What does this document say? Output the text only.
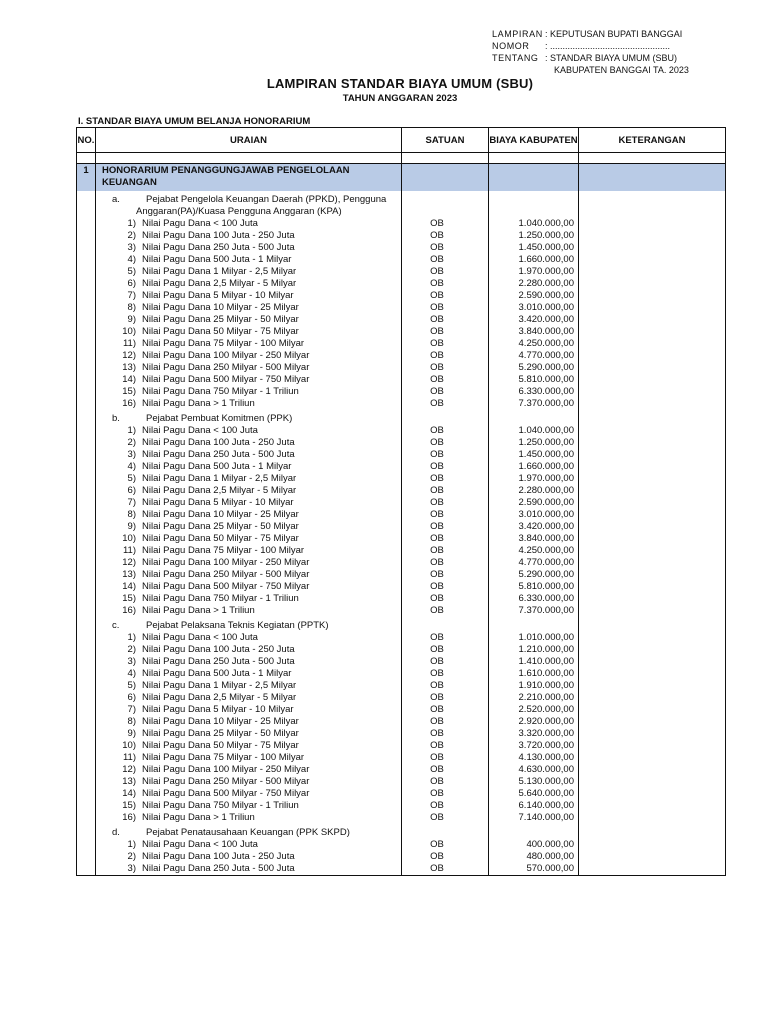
LAMPIRAN : KEPUTUSAN BUPATI BANGGAI
NOMOR	: ................................................
TENTANG : STANDAR BIAYA UMUM (SBU)
KABUPATEN BANGGAI TA. 2023
LAMPIRAN STANDAR BIAYA UMUM (SBU)
TAHUN ANGGARAN 2023
I. STANDAR BIAYA UMUM BELANJA HONORARIUM
NO.	URAIAN	SATUAN	BIAYA KABUPATEN	KETERANGAN

1	HONORARIUM PENANGGUNGJAWAB PENGELOLAAN KEUANGAN			
	a. Pejabat Pengelola Keuangan Daerah (PPKD), Pengguna Anggaran(PA)/Kuasa Pengguna Anggaran (KPA)			
	1) Nilai Pagu Dana < 100 Juta	OB	1.040.000,00	
	2) Nilai Pagu Dana 100 Juta - 250 Juta	OB	1.250.000,00	
	3) Nilai Pagu Dana 250 Juta - 500 Juta	OB	1.450.000,00	
	4) Nilai Pagu Dana 500 Juta - 1 Milyar	OB	1.660.000,00	
	5) Nilai Pagu Dana 1 Milyar - 2,5 Milyar	OB	1.970.000,00	
	6) Nilai Pagu Dana 2,5 Milyar - 5 Milyar	OB	2.280.000,00	
	7) Nilai Pagu Dana 5 Milyar - 10 Milyar	OB	2.590.000,00	
	8) Nilai Pagu Dana 10 Milyar - 25 Milyar	OB	3.010.000,00	
	9) Nilai Pagu Dana 25 Milyar - 50 Milyar	OB	3.420.000,00	
	10) Nilai Pagu Dana 50 Milyar - 75 Milyar	OB	3.840.000,00	
	11) Nilai Pagu Dana 75 Milyar - 100 Milyar	OB	4.250.000,00	
	12) Nilai Pagu Dana 100 Milyar - 250 Milyar	OB	4.770.000,00	
	13) Nilai Pagu Dana 250 Milyar - 500 Milyar	OB	5.290.000,00	
	14) Nilai Pagu Dana 500 Milyar - 750 Milyar	OB	5.810.000,00	
	15) Nilai Pagu Dana 750 Milyar - 1 Triliun	OB	6.330.000,00	
	16) Nilai Pagu Dana > 1 Triliun	OB	7.370.000,00	
	b. Pejabat Pembuat Komitmen (PPK)			
	1) Nilai Pagu Dana < 100 Juta	OB	1.040.000,00	
	2) Nilai Pagu Dana 100 Juta - 250 Juta	OB	1.250.000,00	
	3) Nilai Pagu Dana 250 Juta - 500 Juta	OB	1.450.000,00	
	4) Nilai Pagu Dana 500 Juta - 1 Milyar	OB	1.660.000,00	
	5) Nilai Pagu Dana 1 Milyar - 2,5 Milyar	OB	1.970.000,00	
	6) Nilai Pagu Dana 2,5 Milyar - 5 Milyar	OB	2.280.000,00	
	7) Nilai Pagu Dana 5 Milyar - 10 Milyar	OB	2.590.000,00	
	8) Nilai Pagu Dana 10 Milyar - 25 Milyar	OB	3.010.000,00	
	9) Nilai Pagu Dana 25 Milyar - 50 Milyar	OB	3.420.000,00	
	10) Nilai Pagu Dana 50 Milyar - 75 Milyar	OB	3.840.000,00	
	11) Nilai Pagu Dana 75 Milyar - 100 Milyar	OB	4.250.000,00	
	12) Nilai Pagu Dana 100 Milyar - 250 Milyar	OB	4.770.000,00	
	13) Nilai Pagu Dana 250 Milyar - 500 Milyar	OB	5.290.000,00	
	14) Nilai Pagu Dana 500 Milyar - 750 Milyar	OB	5.810.000,00	
	15) Nilai Pagu Dana 750 Milyar - 1 Triliun	OB	6.330.000,00	
	16) Nilai Pagu Dana > 1 Triliun	OB	7.370.000,00	
	c. Pejabat Pelaksana Teknis Kegiatan (PPTK)			
	1) Nilai Pagu Dana < 100 Juta	OB	1.010.000,00	
	2) Nilai Pagu Dana 100 Juta - 250 Juta	OB	1.210.000,00	
	3) Nilai Pagu Dana 250 Juta - 500 Juta	OB	1.410.000,00	
	4) Nilai Pagu Dana 500 Juta - 1 Milyar	OB	1.610.000,00	
	5) Nilai Pagu Dana 1 Milyar - 2,5 Milyar	OB	1.910.000,00	
	6) Nilai Pagu Dana 2,5 Milyar - 5 Milyar	OB	2.210.000,00	
	7) Nilai Pagu Dana 5 Milyar - 10 Milyar	OB	2.520.000,00	
	8) Nilai Pagu Dana 10 Milyar - 25 Milyar	OB	2.920.000,00	
	9) Nilai Pagu Dana 25 Milyar - 50 Milyar	OB	3.320.000,00	
	10) Nilai Pagu Dana 50 Milyar - 75 Milyar	OB	3.720.000,00	
	11) Nilai Pagu Dana 75 Milyar - 100 Milyar	OB	4.130.000,00	
	12) Nilai Pagu Dana 100 Milyar - 250 Milyar	OB	4.630.000,00	
	13) Nilai Pagu Dana 250 Milyar - 500 Milyar	OB	5.130.000,00	
	14) Nilai Pagu Dana 500 Milyar - 750 Milyar	OB	5.640.000,00	
	15) Nilai Pagu Dana 750 Milyar - 1 Triliun	OB	6.140.000,00	
	16) Nilai Pagu Dana > 1 Triliun	OB	7.140.000,00	
	d. Pejabat Penatausahaan Keuangan (PPK SKPD)			
	1) Nilai Pagu Dana < 100 Juta	OB	400.000,00	
	2) Nilai Pagu Dana 100 Juta - 250 Juta	OB	480.000,00	
	3) Nilai Pagu Dana 250 Juta - 500 Juta	OB	570.000,00	
